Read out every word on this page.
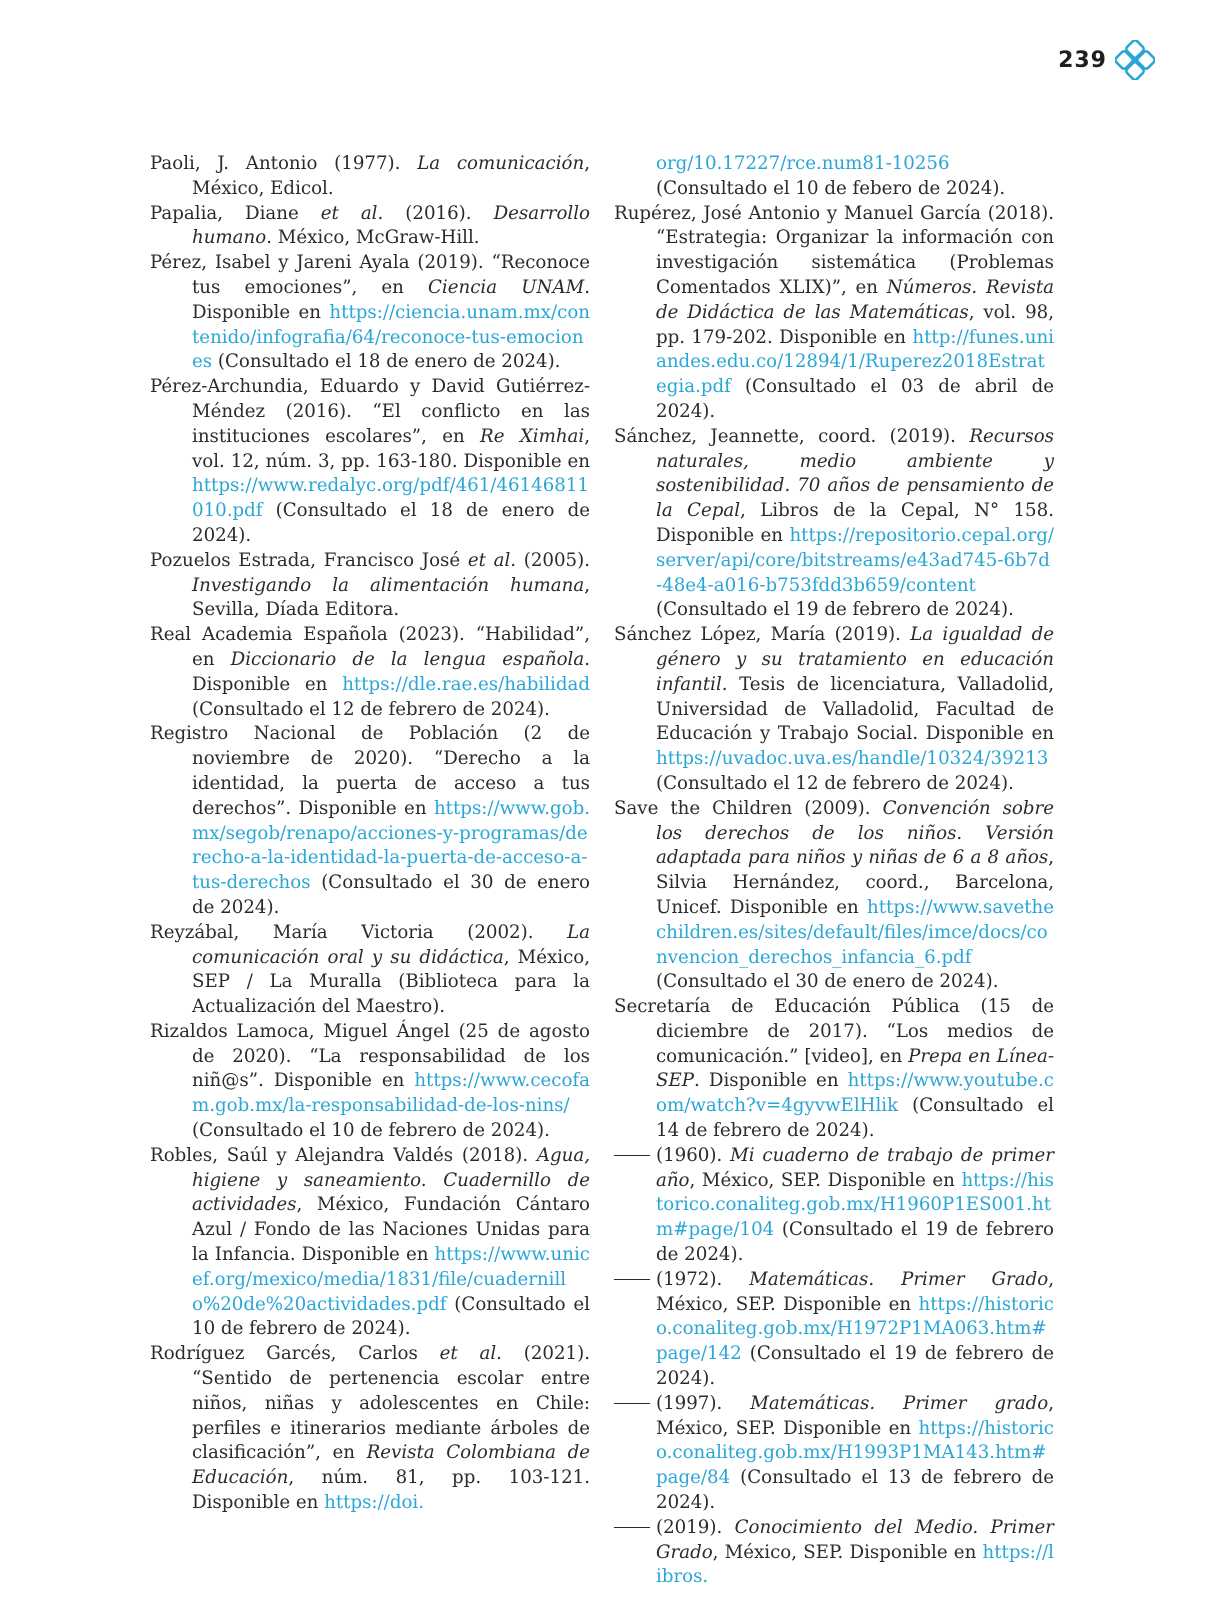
239

Paoli, J. Antonio (1977). La comunicación, México, Edicol.

Papalia, Diane et al. (2016). Desarrollo humano. México, McGraw-Hill.

Pérez, Isabel y Jareni Ayala (2019). “Reconoce tus emociones”, en Ciencia UNAM. Disponible en https://ciencia.unam.mx/contenido/infografia/64/reconoce-tus-emociones (Consultado el 18 de enero de 2024).

Pérez-Archundia, Eduardo y David Gutiérrez-Méndez (2016). “El conflicto en las instituciones escolares”, en Re Ximhai, vol. 12, núm. 3, pp. 163-180. Disponible en https://www.redalyc.org/pdf/461/46146811010.pdf (Consultado el 18 de enero de 2024).

Pozuelos Estrada, Francisco José et al. (2005). Investigando la alimentación humana, Sevilla, Díada Editora.

Real Academia Española (2023). “Habilidad”, en Diccionario de la lengua española. Disponible en https://dle.rae.es/habilidad (Consultado el 12 de febrero de 2024).

Registro Nacional de Población (2 de noviembre de 2020). “Derecho a la identidad, la puerta de acceso a tus derechos”. Disponible en https://www.gob.mx/segob/renapo/acciones-y-programas/derecho-a-la-identidad-la-puerta-de-acceso-a-tus-derechos (Consultado el 30 de enero de 2024).

Reyzábal, María Victoria (2002). La comunicación oral y su didáctica, México, SEP / La Muralla (Biblioteca para la Actualización del Maestro).

Rizaldos Lamoca, Miguel Ángel (25 de agosto de 2020). “La responsabilidad de los niñ@s”. Disponible en https://www.cecofam.gob.mx/la-responsabilidad-de-los-nins/ (Consultado el 10 de febrero de 2024).

Robles, Saúl y Alejandra Valdés (2018). Agua, higiene y saneamiento. Cuadernillo de actividades, México, Fundación Cántaro Azul / Fondo de las Naciones Unidas para la Infancia. Disponible en https://www.unicef.org/mexico/media/1831/file/cuadernillo%20de%20actividades.pdf (Consultado el 10 de febrero de 2024).

Rodríguez Garcés, Carlos et al. (2021). “Sentido de pertenencia escolar entre niños, niñas y adolescentes en Chile: perfiles e itinerarios mediante árboles de clasificación”, en Revista Colombiana de Educación, núm. 81, pp. 103-121. Disponible en https://doi.

org/10.17227/rce.num81-10256 (Consultado el 10 de febero de 2024).

Rupérez, José Antonio y Manuel García (2018). “Estrategia: Organizar la información con investigación sistemática (Problemas Comentados XLIX)”, en Números. Revista de Didáctica de las Matemáticas, vol. 98, pp. 179-202. Disponible en http://funes.uniandes.edu.co/12894/1/Ruperez2018Estrategia.pdf (Consultado el 03 de abril de 2024).

Sánchez, Jeannette, coord. (2019). Recursos naturales, medio ambiente y sostenibilidad. 70 años de pensamiento de la Cepal, Libros de la Cepal, N° 158. Disponible en https://repositorio.cepal.org/server/api/core/bitstreams/e43ad745-6b7d-48e4-a016-b753fdd3b659/content (Consultado el 19 de febrero de 2024).

Sánchez López, María (2019). La igualdad de género y su tratamiento en educación infantil. Tesis de licenciatura, Valladolid, Universidad de Valladolid, Facultad de Educación y Trabajo Social. Disponible en https://uvadoc.uva.es/handle/10324/39213 (Consultado el 12 de febrero de 2024).

Save the Children (2009). Convención sobre los derechos de los niños. Versión adaptada para niños y niñas de 6 a 8 años, Silvia Hernández, coord., Barcelona, Unicef. Disponible en https://www.savethechildren.es/sites/default/files/imce/docs/convencion_derechos_infancia_6.pdf (Consultado el 30 de enero de 2024).

Secretaría de Educación Pública (15 de diciembre de 2017). “Los medios de comunicación.” [video], en Prepa en Línea-SEP. Disponible en https://www.youtube.com/watch?v=4gyvwElHlik (Consultado el 14 de febrero de 2024).

(1960). Mi cuaderno de trabajo de primer año, México, SEP. Disponible en https://historico.conaliteg.gob.mx/H1960P1ES001.htm#page/104 (Consultado el 19 de febrero de 2024).

(1972). Matemáticas. Primer Grado, México, SEP. Disponible en https://historico.conaliteg.gob.mx/H1972P1MA063.htm#page/142 (Consultado el 19 de febrero de 2024).

(1997). Matemáticas. Primer grado, México, SEP. Disponible en https://historico.conaliteg.gob.mx/H1993P1MA143.htm#page/84 (Consultado el 13 de febrero de 2024).

(2019). Conocimiento del Medio. Primer Grado, México, SEP. Disponible en https://libros.
